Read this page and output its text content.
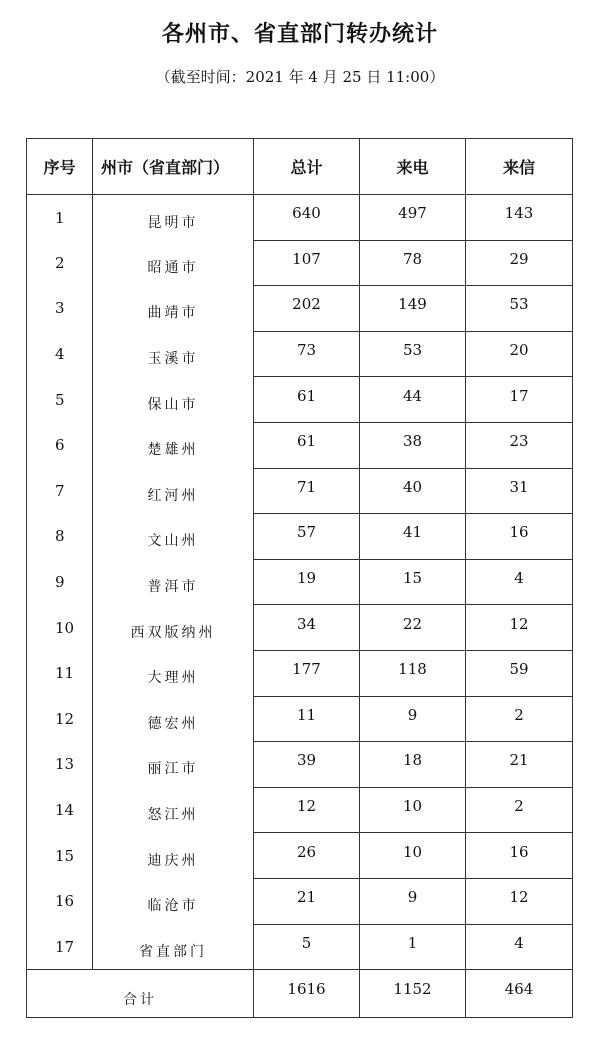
各州市、省直部门转办统计
（截至时间：2021 年 4 月 25 日 11:00）
序号	州市（省直部门）	总计	来电	来信
1	昆明市	640	497	143
2	昭通市	107	78	29
3	曲靖市	202	149	53
4	玉溪市	73	53	20
5	保山市	61	44	17
6	楚雄州	61	38	23
7	红河州	71	40	31
8	文山州	57	41	16
9	普洱市	19	15	4
10	西双版纳州	34	22	12
11	大理州	177	118	59
12	德宏州	11	9	2
13	丽江市	39	18	21
14	怒江州	12	10	2
15	迪庆州	26	10	16
16	临沧市	21	9	12
17	省直部门	5	1	4
合计		1616	1152	464
